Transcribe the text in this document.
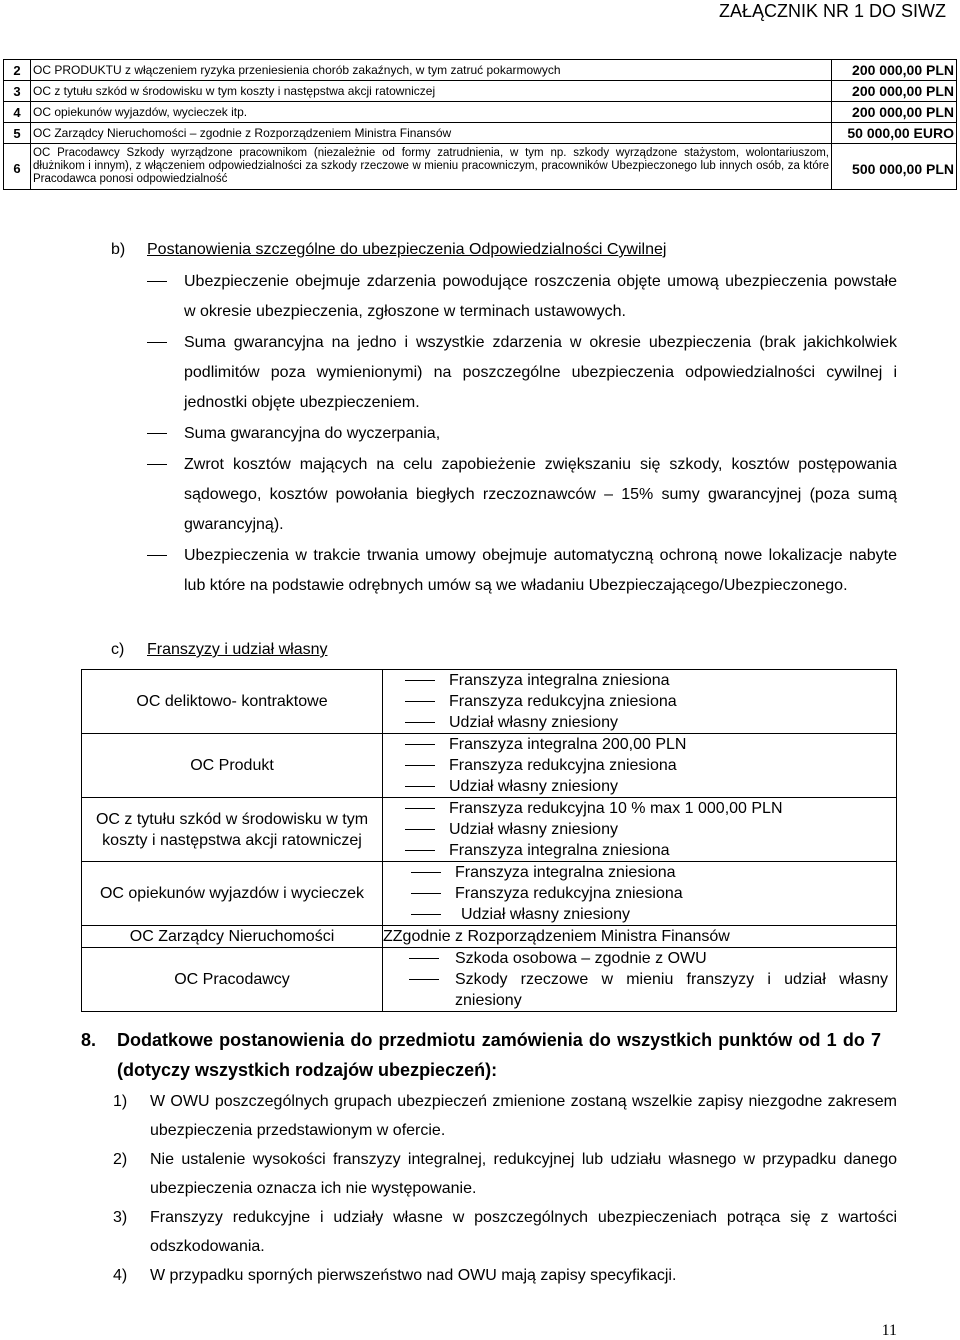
ZAŁĄCZNIK NR 1 DO SIWZ
2	OC PRODUKTU z włączeniem ryzyka przeniesienia chorób zakaźnych, w tym zatruć pokarmowych	200 000,00 PLN
3	OC z tytułu szkód w środowisku w tym koszty i następstwa akcji ratowniczej	200 000,00 PLN
4	OC opiekunów wyjazdów, wycieczek itp.	200 000,00 PLN
5	OC Zarządcy Nieruchomości – zgodnie z Rozporządzeniem Ministra Finansów	50 000,00 EURO
6	OC Pracodawcy Szkody wyrządzone pracownikom (niezależnie od formy zatrudnienia, w tym np. szkody wyrządzone stażystom, wolontariuszom, dłużnikom i innym), z włączeniem odpowiedzialności za szkody rzeczowe w mieniu pracowniczym, pracowników Ubezpieczonego lub innych osób, za które Pracodawca ponosi odpowiedzialność	500 000,00 PLN
b) Postanowienia szczególne do ubezpieczenia Odpowiedzialności Cywilnej
Ubezpieczenie obejmuje zdarzenia powodujące roszczenia objęte umową ubezpieczenia powstałe w okresie ubezpieczenia, zgłoszone w terminach ustawowych.
Suma gwarancyjna na jedno i wszystkie zdarzenia w okresie ubezpieczenia (brak jakichkolwiek podlimitów poza wymienionymi) na poszczególne ubezpieczenia odpowiedzialności cywilnej i jednostki objęte ubezpieczeniem.
Suma gwarancyjna do wyczerpania,
Zwrot kosztów mających na celu zapobieżenie zwiększaniu się szkody, kosztów postępowania sądowego, kosztów powołania biegłych rzeczoznawców – 15% sumy gwarancyjnej (poza sumą gwarancyjną).
Ubezpieczenia w trakcie trwania umowy obejmuje automatyczną ochroną nowe lokalizacje nabyte lub które na podstawie odrębnych umów są we władaniu Ubezpieczającego/Ubezpieczonego.
c) Franszyzy i udział własny
OC deliktowo- kontraktowe	Franszyza integralna zniesiona
Franszyza redukcyjna zniesiona
Udział własny zniesiony

OC Produkt	Franszyza integralna 200,00 PLN
Franszyza redukcyjna zniesiona
Udział własny zniesiony

OC z tytułu szkód w środowisku w tym koszty i następstwa akcji ratowniczej	Franszyza redukcyjna 10 % max 1 000,00 PLN
Udział własny zniesiony
Franszyza integralna zniesiona

OC opiekunów wyjazdów i wycieczek	Franszyza integralna zniesiona
Franszyza redukcyjna zniesiona
Udział własny zniesiony

OC Zarządcy Nieruchomości	ZZgodnie z Rozporządzeniem Ministra Finansów
OC Pracodawcy	Szkoda osobowa – zgodnie z OWU
Szkody rzeczowe w mieniu franszyzy i udział własny zniesiony
8. Dodatkowe postanowienia do przedmiotu zamówienia do wszystkich punktów od 1 do 7 (dotyczy wszystkich rodzajów ubezpieczeń):
1) W OWU poszczególnych grupach ubezpieczeń zmienione zostaną wszelkie zapisy niezgodne zakresem ubezpieczenia przedstawionym w ofercie.
2) Nie ustalenie wysokości franszyzy integralnej, redukcyjnej lub udziału własnego w przypadku danego ubezpieczenia oznacza ich nie występowanie.
3) Franszyzy redukcyjne i udziały własne w poszczególnych ubezpieczeniach potrąca się z wartości odszkodowania.
4) W przypadku sporných pierwszeństwo nad OWU mają zapisy specyfikacji.
11
